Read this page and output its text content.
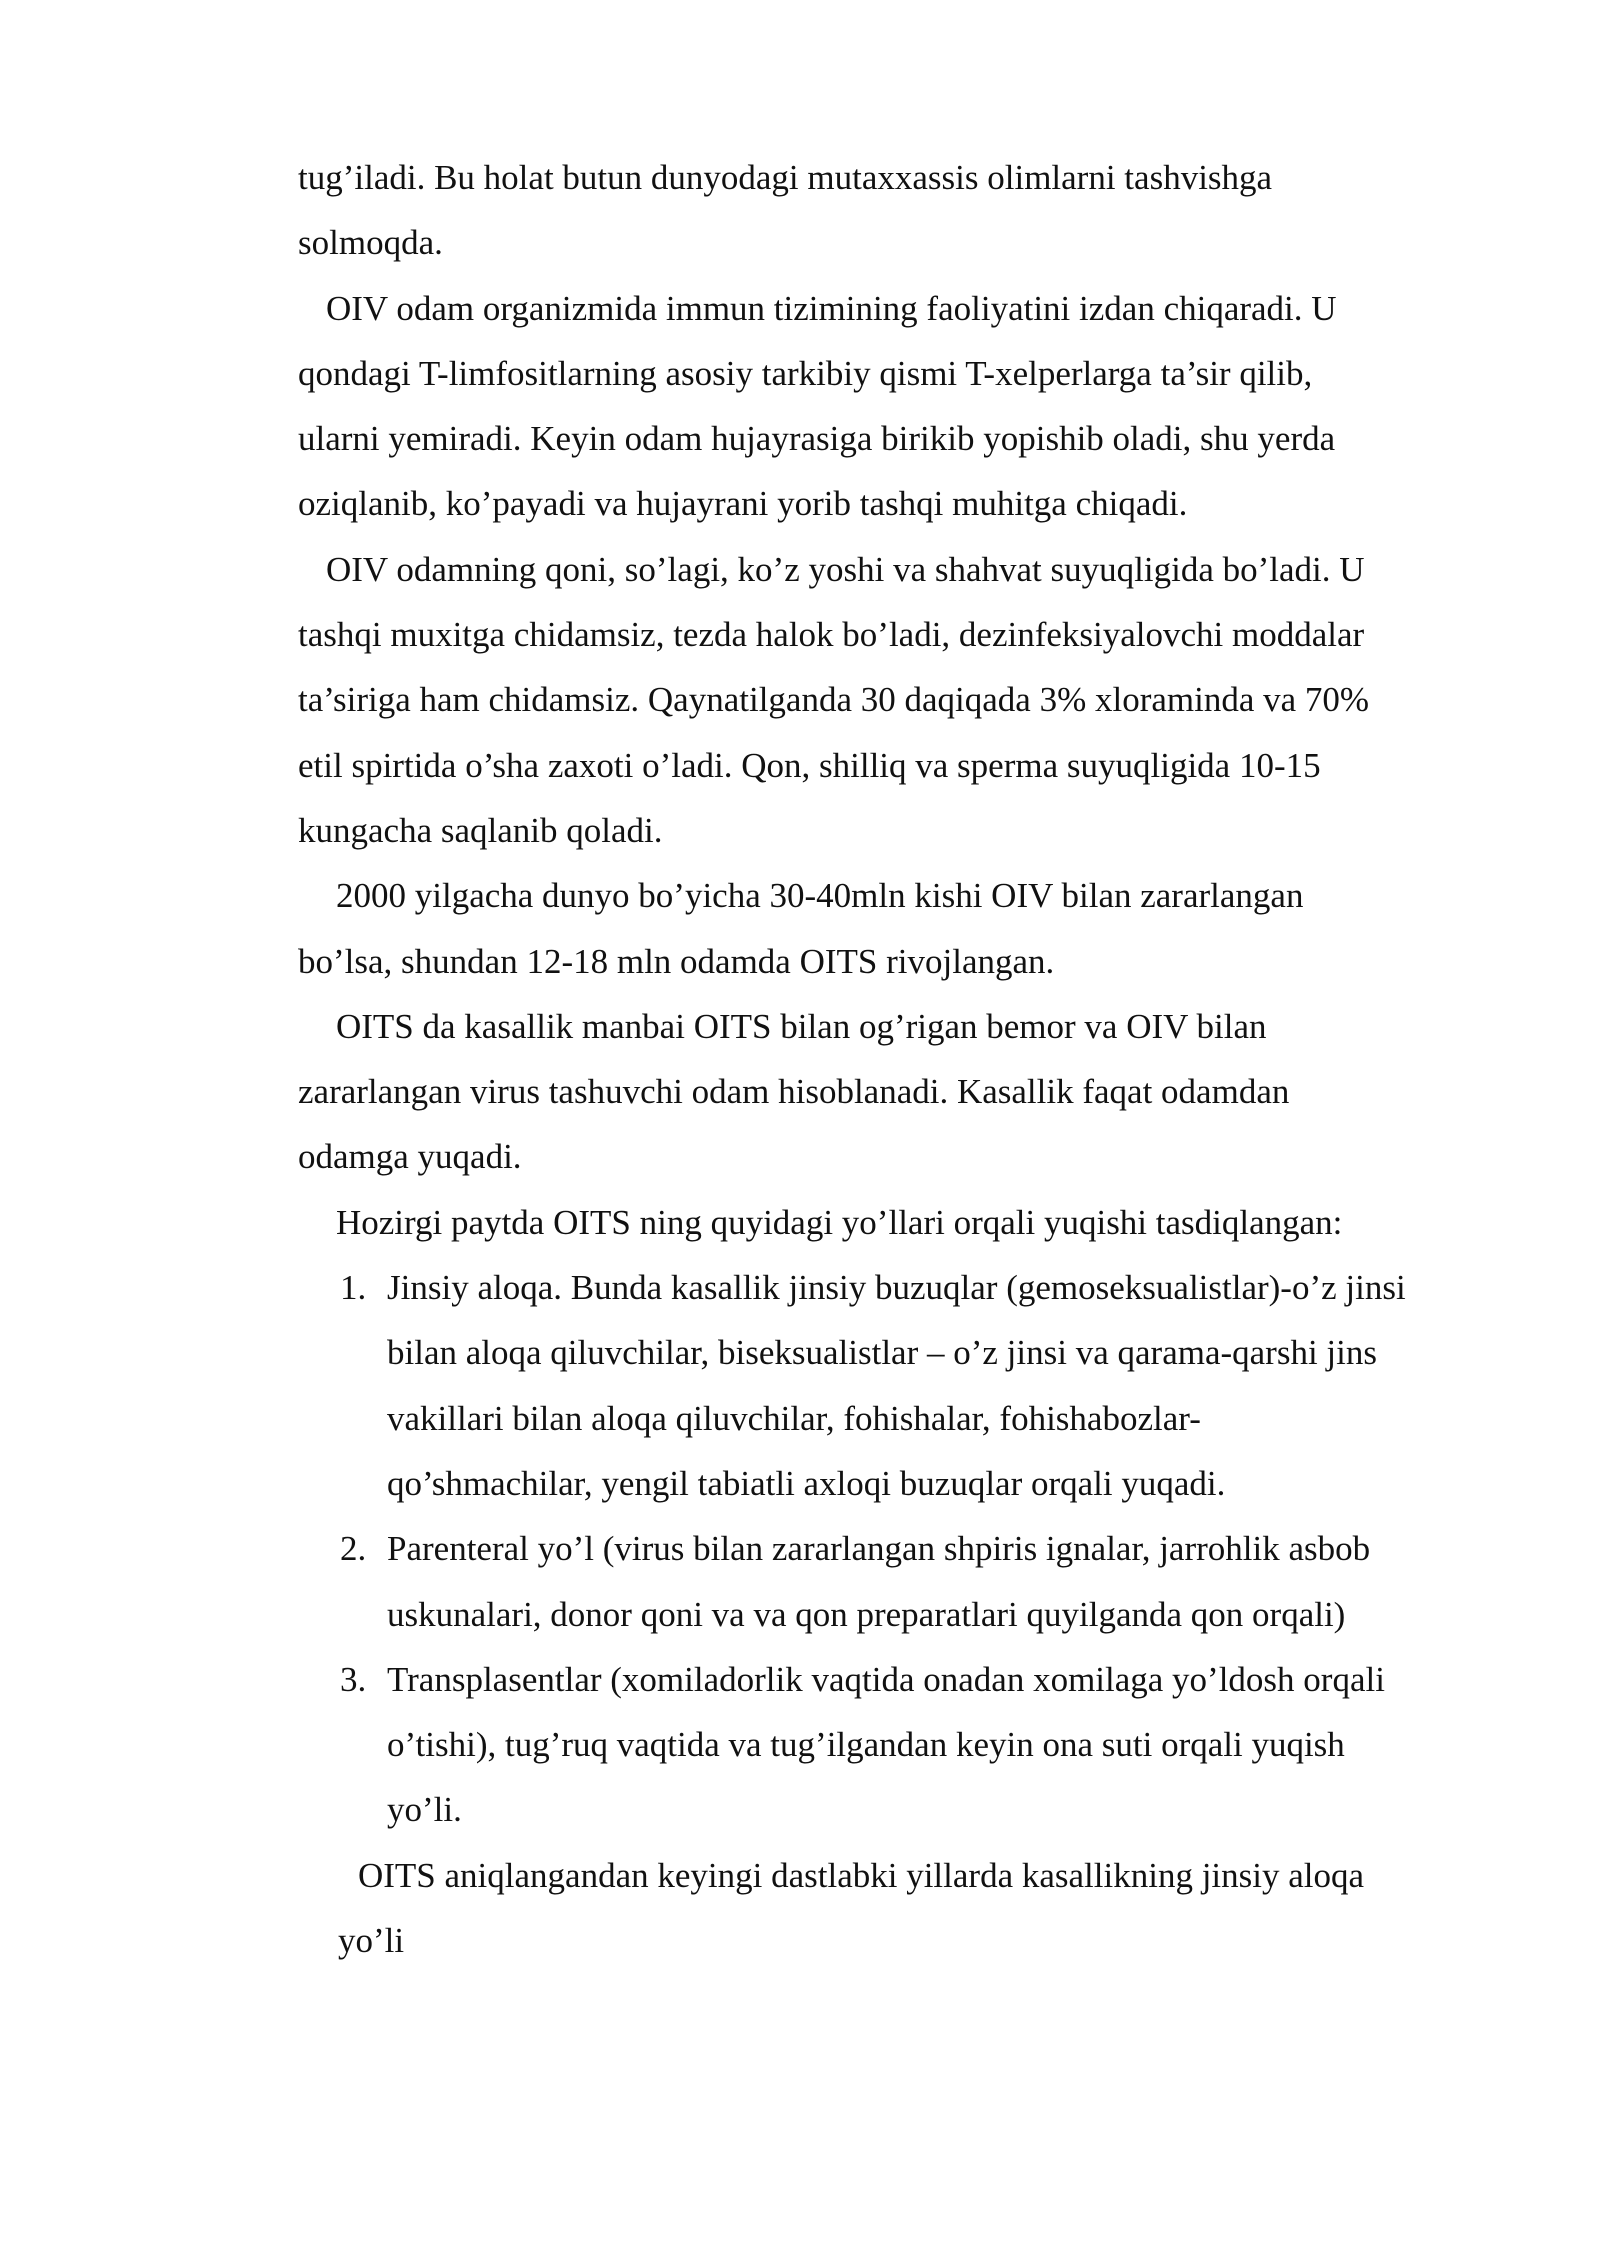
tug’iladi. Bu holat butun dunyodagi mutaxxassis olimlarni tashvishga
solmoqda.
OIV odam organizmida immun tizimining faoliyatini izdan chiqaradi. U
qondagi T-limfositlarning asosiy tarkibiy qismi T-xelperlarga ta’sir qilib,
ularni yemiradi. Keyin odam hujayrasiga birikib yopishib oladi, shu yerda
oziqlanib, ko’payadi va hujayrani yorib tashqi muhitga chiqadi.
OIV odamning qoni, so’lagi, ko’z yoshi va shahvat suyuqligida bo’ladi. U
tashqi muxitga chidamsiz, tezda halok bo’ladi, dezinfeksiyalovchi moddalar
ta’siriga ham chidamsiz. Qaynatilganda 30 daqiqada 3% xloraminda va 70%
etil spirtida o’sha zaxoti o’ladi. Qon, shilliq va sperma suyuqligida 10-15
kungacha saqlanib qoladi.
2000 yilgacha dunyo bo’yicha 30-40mln kishi OIV bilan zararlangan
bo’lsa, shundan 12-18 mln odamda OITS rivojlangan.
OITS da kasallik manbai OITS bilan og’rigan bemor va OIV bilan
zararlangan virus tashuvchi odam hisoblanadi. Kasallik faqat odamdan
odamga yuqadi.
Hozirgi paytda OITS ning quyidagi yo’llari orqali yuqishi tasdiqlangan:
1. Jinsiy aloqa. Bunda kasallik jinsiy buzuqlar (gemoseksualistlar)-o’z jinsi
bilan aloqa qiluvchilar, biseksualistlar – o’z jinsi va qarama-qarshi jins
vakillari bilan aloqa qiluvchilar, fohishalar, fohishabozlar-
qo’shmachilar, yengil tabiatli axloqi buzuqlar orqali yuqadi.
2. Parenteral yo’l (virus bilan zararlangan shpiris ignalar, jarrohlik asbob
uskunalari, donor qoni va va qon preparatlari quyilganda qon orqali)
3. Transplasentlar (xomiladorlik vaqtida onadan xomilaga yo’ldosh orqali
o’tishi), tug’ruq vaqtida va tug’ilgandan keyin ona suti orqali yuqish
yo’li.
OITS aniqlangandan keyingi dastlabki yillarda kasallikning jinsiy aloqa
yo’li
